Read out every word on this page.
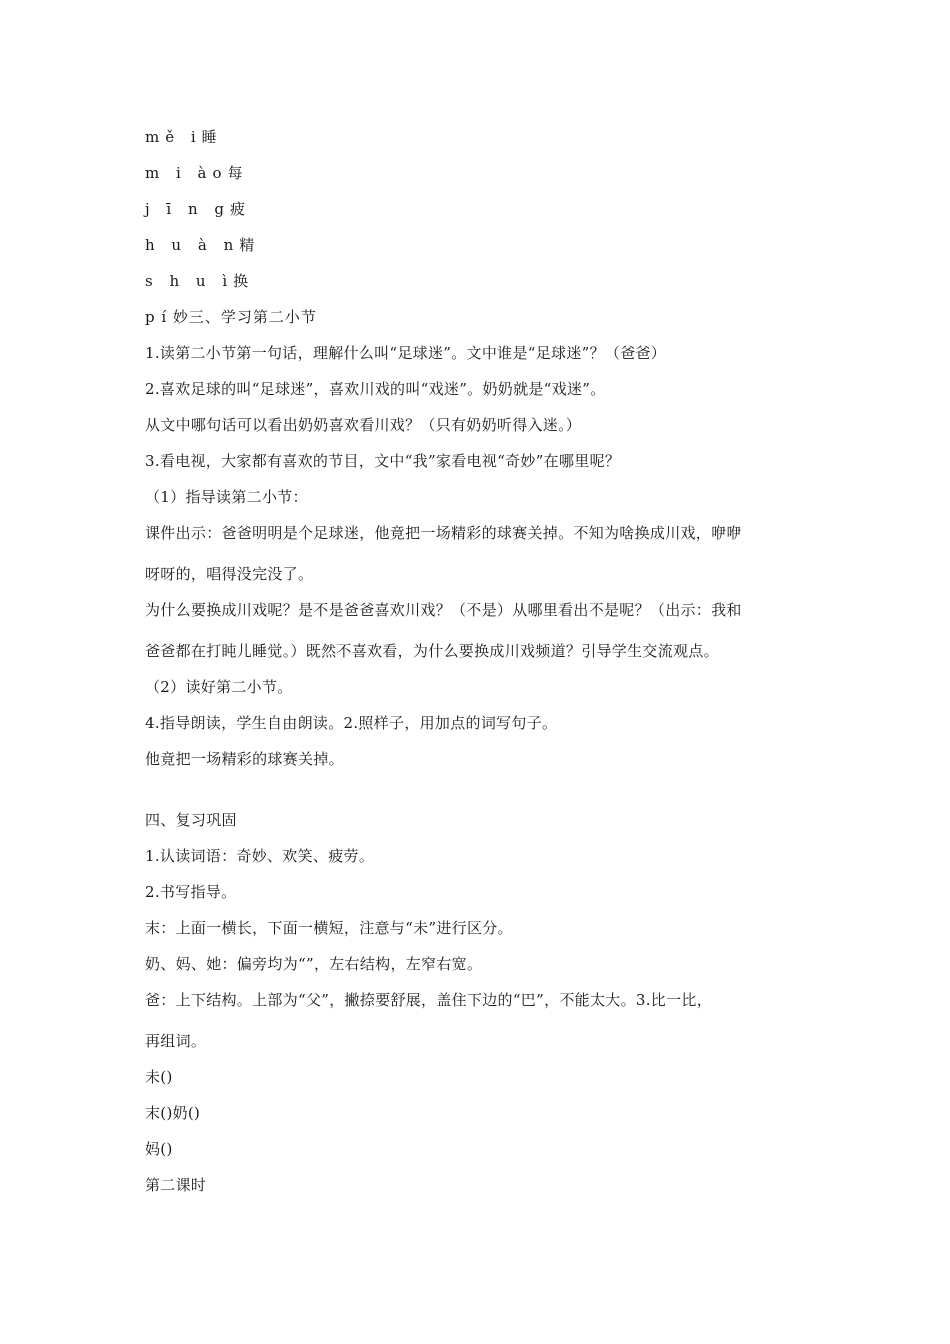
mě i睡
m i ào每
j ī n g疲
h u à n精
s h u ì换
p í 妙三、学习第二小节
1.读第二小节第一句话，理解什么叫“足球迷”。文中谁是“足球迷”？（爸爸）
2.喜欢足球的叫“足球迷”，喜欢川戏的叫“戏迷”。奶奶就是“戏迷”。
从文中哪句话可以看出奶奶喜欢看川戏？（只有奶奶听得入迷。）
3.看电视，大家都有喜欢的节目，文中“我”家看电视“奇妙”在哪里呢？
（1）指导读第二小节：
课件出示：爸爸明明是个足球迷，他竟把一场精彩的球赛关掉。不知为啥换成川戏，咿咿
呀呀的，唱得没完没了。
为什么要换成川戏呢？是不是爸爸喜欢川戏？（不是）从哪里看出不是呢？（出示：我和
爸爸都在打盹儿睡觉。）既然不喜欢看，为什么要换成川戏频道？引导学生交流观点。
（2）读好第二小节。
4.指导朗读，学生自由朗读。2.照样子，用加点的词写句子。
他竟把一场精彩的球赛关掉。
四、复习巩固
1.认读词语：奇妙、欢笑、疲劳。
2.书写指导。
末：上面一横长，下面一横短，注意与“未”进行区分。
奶、妈、她：偏旁均为“”，左右结构，左窄右宽。
爸：上下结构。上部为“父”，撇捺要舒展，盖住下边的“巴”，不能太大。3.比一比，
再组词。
未()
末()奶()
妈()
第二课时
